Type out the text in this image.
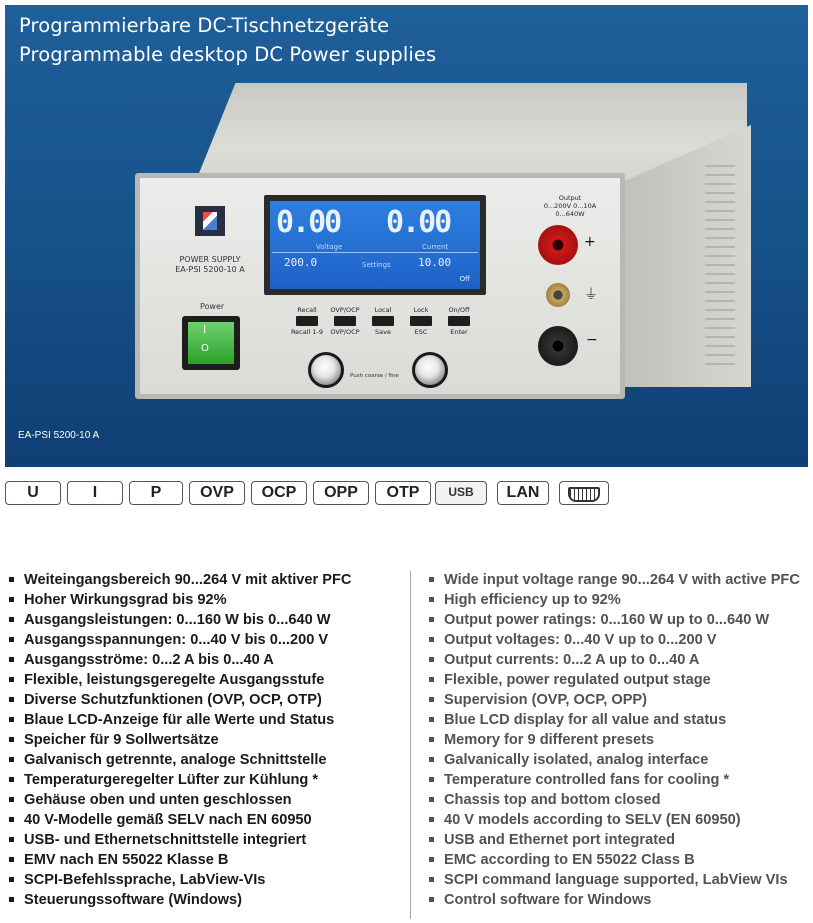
Programmierbare DC-Tischnetzgeräte
Programmable desktop DC Power supplies
POWER SUPPLY
EA-PSI 5200-10 A
Power
I
O
0.00 0.00
Voltage	Current
200.0	Settings 10.00
Off
Recall
Recall 1-9
OVP/OCP
OVP/OCP
Local
Save
Lock
ESC
On/Off
Enter
Push coarse / fine
Output
0...200V 0...10A
0...640W
+
⏚
−
EA-PSI 5200-10 A
U	I	P	OVP	OCP	OPP	OTP	USB	LAN
Weiteingangsbereich 90...264 V mit aktiver PFC
Hoher Wirkungsgrad bis 92%
Ausgangsleistungen: 0...160 W bis 0...640 W
Ausgangsspannungen: 0...40 V bis 0...200 V
Ausgangsströme: 0...2 A bis 0...40 A
Flexible, leistungsgeregelte Ausgangsstufe
Diverse Schutzfunktionen (OVP, OCP, OTP)
Blaue LCD-Anzeige für alle Werte und Status
Speicher für 9 Sollwertsätze
Galvanisch getrennte, analoge Schnittstelle
Temperaturgeregelter Lüfter zur Kühlung *
Gehäuse oben und unten geschlossen
40 V-Modelle gemäß SELV nach EN 60950
USB- und Ethernetschnittstelle integriert
EMV nach EN 55022 Klasse B
SCPI-Befehlssprache, LabView-VIs
Steuerungssoftware (Windows)
Wide input voltage range 90...264 V with active PFC
High efficiency up to 92%
Output power ratings: 0...160 W up to 0...640 W
Output voltages: 0...40 V up to 0...200 V
Output currents: 0...2 A up to 0...40 A
Flexible, power regulated output stage
Supervision (OVP, OCP, OPP)
Blue LCD display for all value and status
Memory for 9 different presets
Galvanically isolated, analog interface
Temperature controlled fans for cooling *
Chassis top and bottom closed
40 V models according to SELV (EN 60950)
USB and Ethernet port integrated
EMC according to EN 55022 Class B
SCPI command language supported, LabView VIs
Control software for Windows
